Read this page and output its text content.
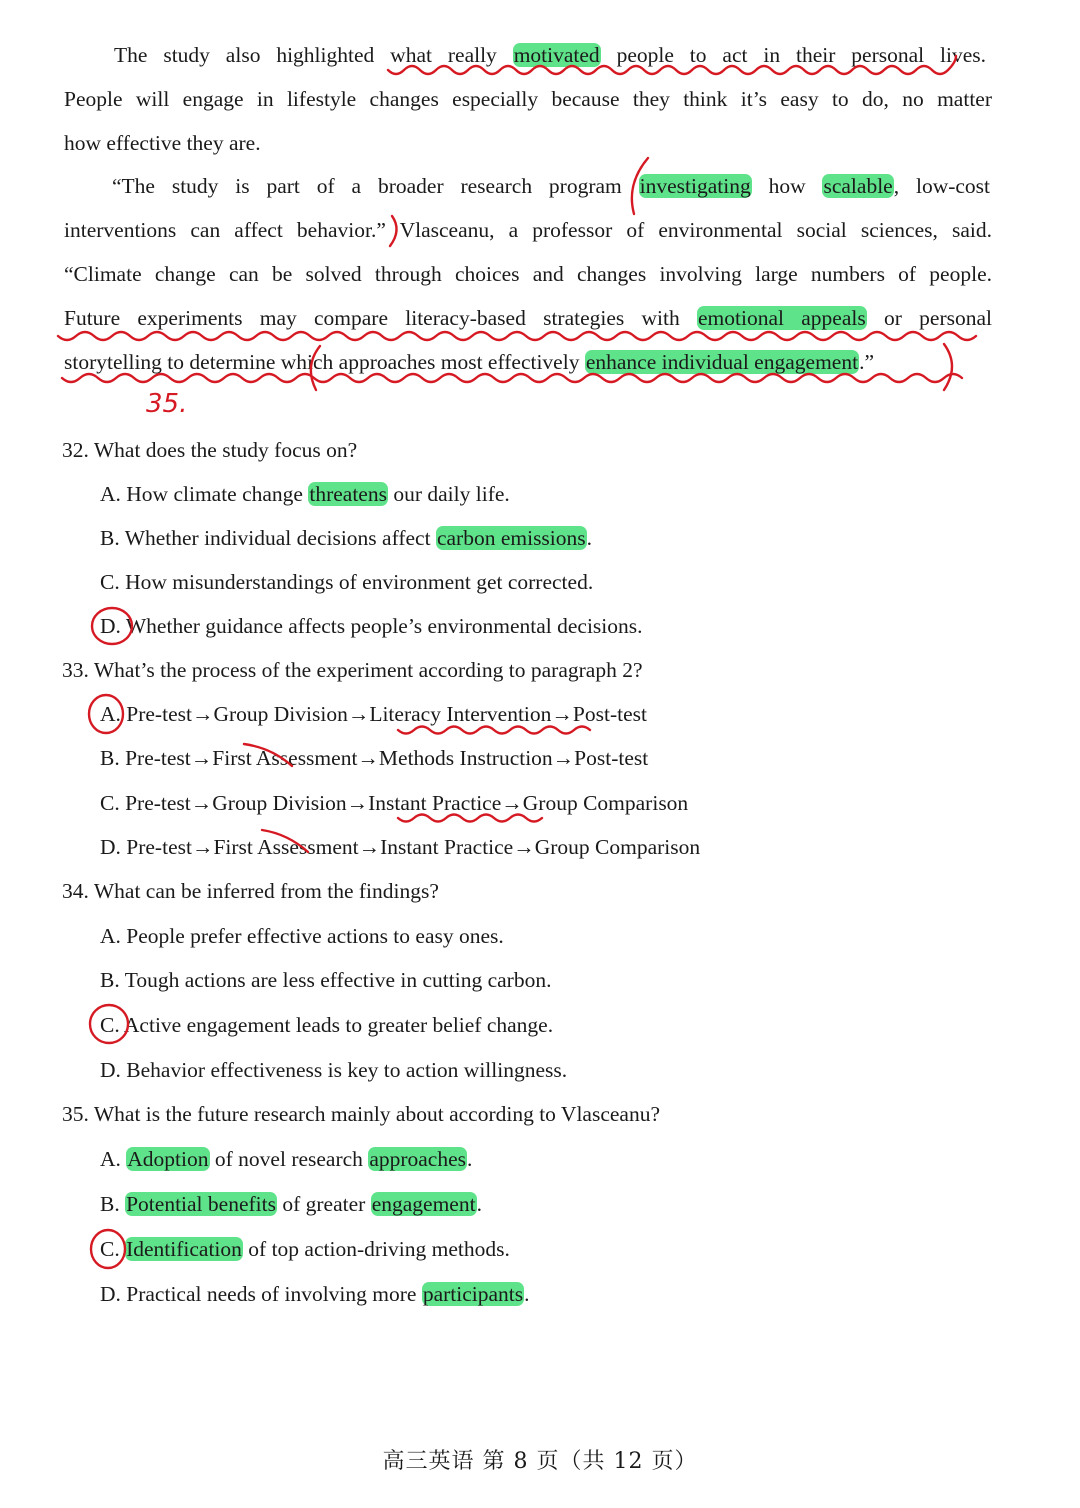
The study also highlighted what really motivated people to act in their personal lives.
People will engage in lifestyle changes especially because they think it’s easy to do, no matter
how effective they are.
“The study is part of a broader research program investigating how scalable, low-cost
interventions can affect behavior.” Vlasceanu, a professor of environmental social sciences, said.
“Climate change can be solved through choices and changes involving large numbers of people.
Future experiments may compare literacy-based strategies with emotional appeals or personal
storytelling to determine which approaches most effectively enhance individual engagement.”
32. What does the study focus on?
A. How climate change threatens our daily life.
B. Whether individual decisions affect carbon emissions.
C. How misunderstandings of environment get corrected.
D. Whether guidance affects people’s environmental decisions.
33. What’s the process of the experiment according to paragraph 2?
A. Pre-test→Group Division→Literacy Intervention→Post-test
B. Pre-test→First Assessment→Methods Instruction→Post-test
C. Pre-test→Group Division→Instant Practice→Group Comparison
D. Pre-test→First Assessment→Instant Practice→Group Comparison
34. What can be inferred from the findings?
A. People prefer effective actions to easy ones.
B. Tough actions are less effective in cutting carbon.
C. Active engagement leads to greater belief change.
D. Behavior effectiveness is key to action willingness.
35. What is the future research mainly about according to Vlasceanu?
A. Adoption of novel research approaches.
B. Potential benefits of greater engagement.
C. Identification of top action-driving methods.
D. Practical needs of involving more participants.
高三英语 第 8 页（共 12 页）
35.
